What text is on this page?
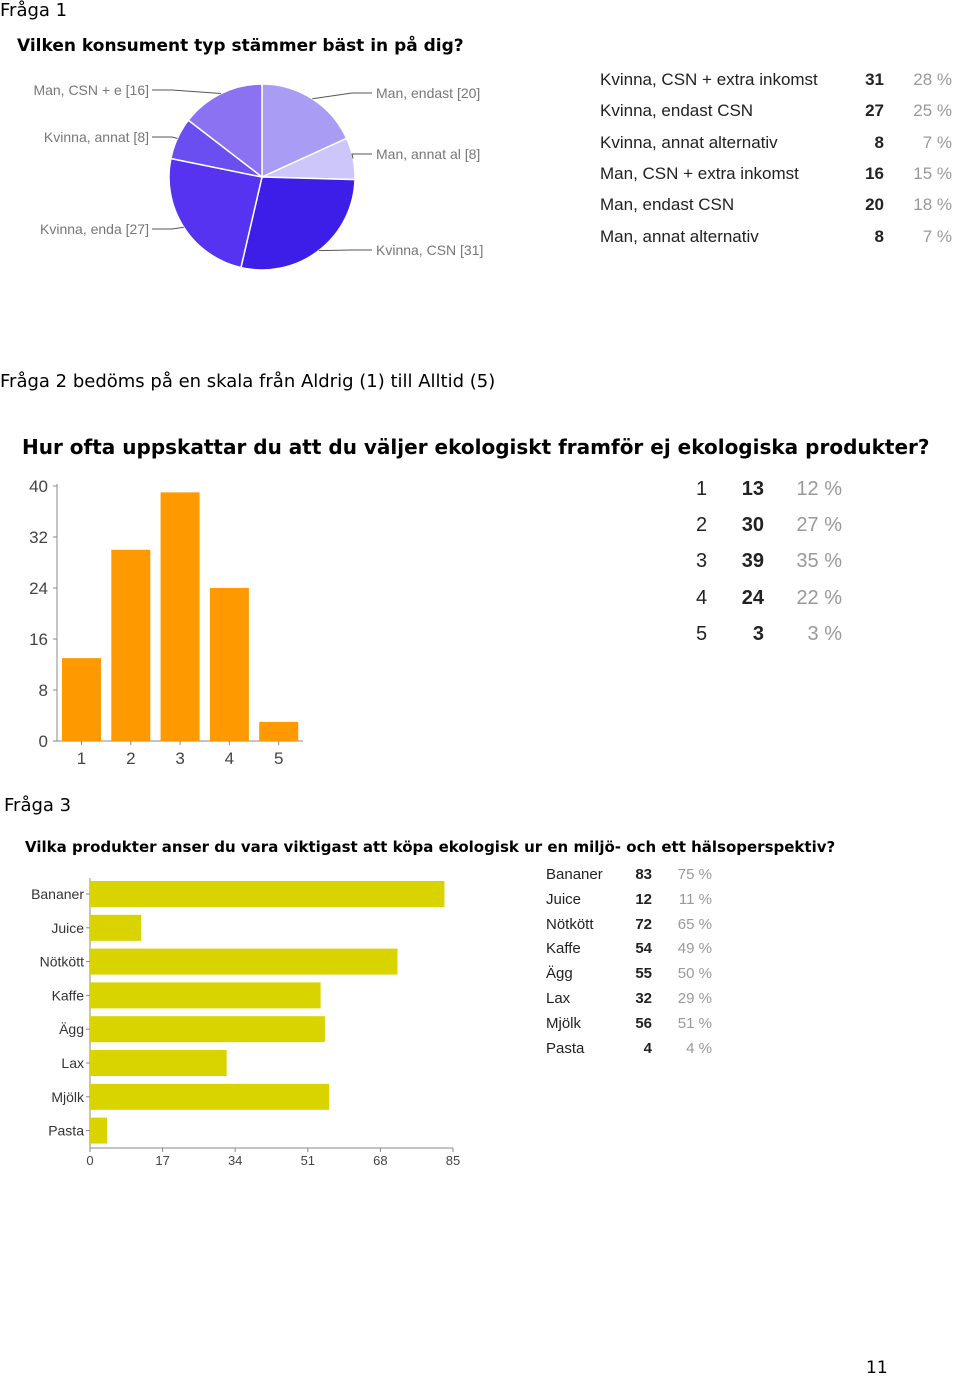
Fråga 1
Fråga 2 bedöms på en skala från Aldrig (1) till Alltid (5)
Fråga 3
11
Vilken konsument typ stämmer bäst in på dig?
Hur ofta uppskattar du att du väljer ekologiskt framför ej ekologiska produkter?
Vilka produkter anser du vara viktigast att köpa ekologisk ur en miljö- och ett hälsoperspektiv?
Man, CSN + e [16]
Kvinna, annat [8]
Kvinna, enda [27]
Man, endast [20]
Man, annat al [8]
Kvinna, CSN [31]
Kvinna, CSN + extra inkomst	31	28 %
Kvinna, endast CSN	27	25 %
Kvinna, annat alternativ	8	7 %
Man, CSN + extra inkomst	16	15 %
Man, endast CSN	20	18 %
Man, annat alternativ	8	7 %
0
8
16
24
32
40
1 2 3 4 5
1	13	12 %
2	30	27 %
3	39	35 %
4	24	22 %
5	3	3 %
0	17	34	51	68	85
Bananer
Juice
Nötkött
Kaffe
Ägg
Lax
Mjölk
Pasta
Bananer	83	75 %
Juice	12	11 %
Nötkött	72	65 %
Kaffe	54	49 %
Ägg	55	50 %
Lax	32	29 %
Mjölk	56	51 %
Pasta	4	4 %
